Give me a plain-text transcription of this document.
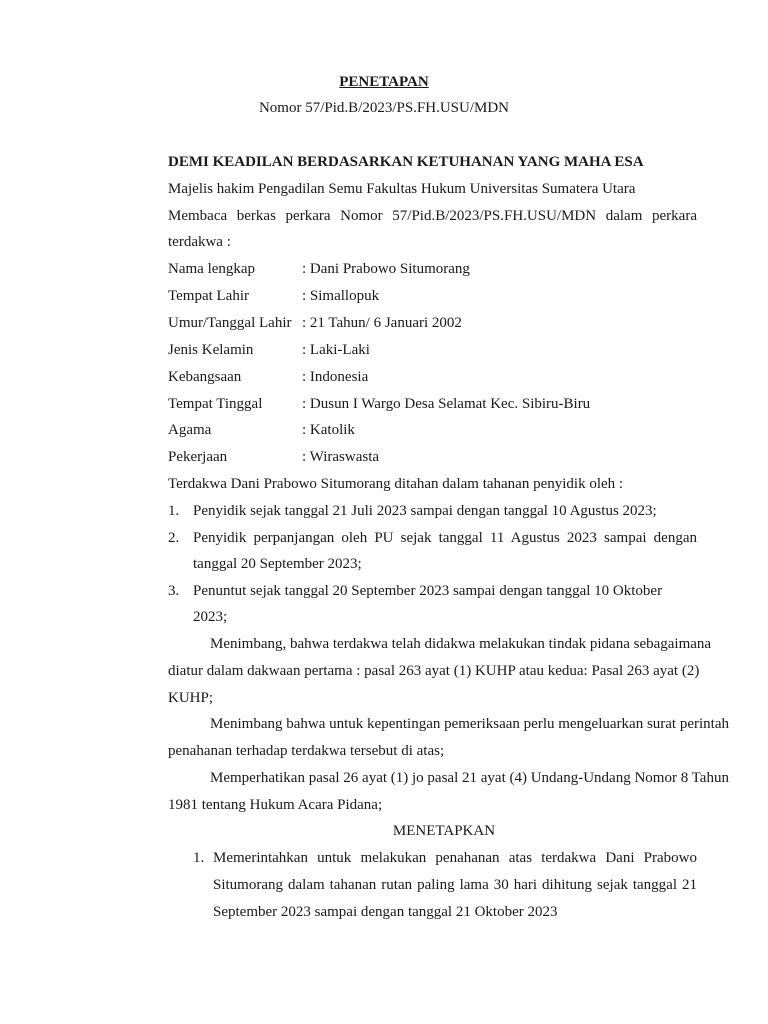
PENETAPAN
Nomor 57/Pid.B/2023/PS.FH.USU/MDN
DEMI KEADILAN BERDASARKAN KETUHANAN YANG MAHA ESA
Majelis hakim Pengadilan Semu Fakultas Hukum Universitas Sumatera Utara
Membaca berkas perkara Nomor 57/Pid.B/2023/PS.FH.USU/MDN dalam perkara
terdakwa :
Nama lengkap	: Dani Prabowo Situmorang
Tempat Lahir	: Simallopuk
Umur/Tanggal Lahir : 21 Tahun/ 6 Januari 2002
Jenis Kelamin	: Laki-Laki
Kebangsaan	: Indonesia
Tempat Tinggal	: Dusun I Wargo Desa Selamat Kec. Sibiru-Biru
Agama	: Katolik
Pekerjaan	: Wiraswasta
Terdakwa Dani Prabowo Situmorang ditahan dalam tahanan penyidik oleh :
1. Penyidik sejak tanggal 21 Juli 2023 sampai dengan tanggal 10 Agustus 2023;
2. Penyidik perpanjangan oleh PU sejak tanggal 11 Agustus 2023 sampai dengan
tanggal 20 September 2023;
3. Penuntut sejak tanggal 20 September 2023 sampai dengan tanggal 10 Oktober
2023;
Menimbang, bahwa terdakwa telah didakwa melakukan tindak pidana sebagaimana
diatur dalam dakwaan pertama : pasal 263 ayat (1) KUHP atau kedua: Pasal 263 ayat (2)
KUHP;
Menimbang bahwa untuk kepentingan pemeriksaan perlu mengeluarkan surat perintah
penahanan terhadap terdakwa tersebut di atas;
Memperhatikan pasal 26 ayat (1) jo pasal 21 ayat (4) Undang-Undang Nomor 8 Tahun
1981 tentang Hukum Acara Pidana;
MENETAPKAN
1. Memerintahkan untuk melakukan penahanan atas terdakwa Dani Prabowo
Situmorang dalam tahanan rutan paling lama 30 hari dihitung sejak tanggal 21
September 2023 sampai dengan tanggal 21 Oktober 2023
